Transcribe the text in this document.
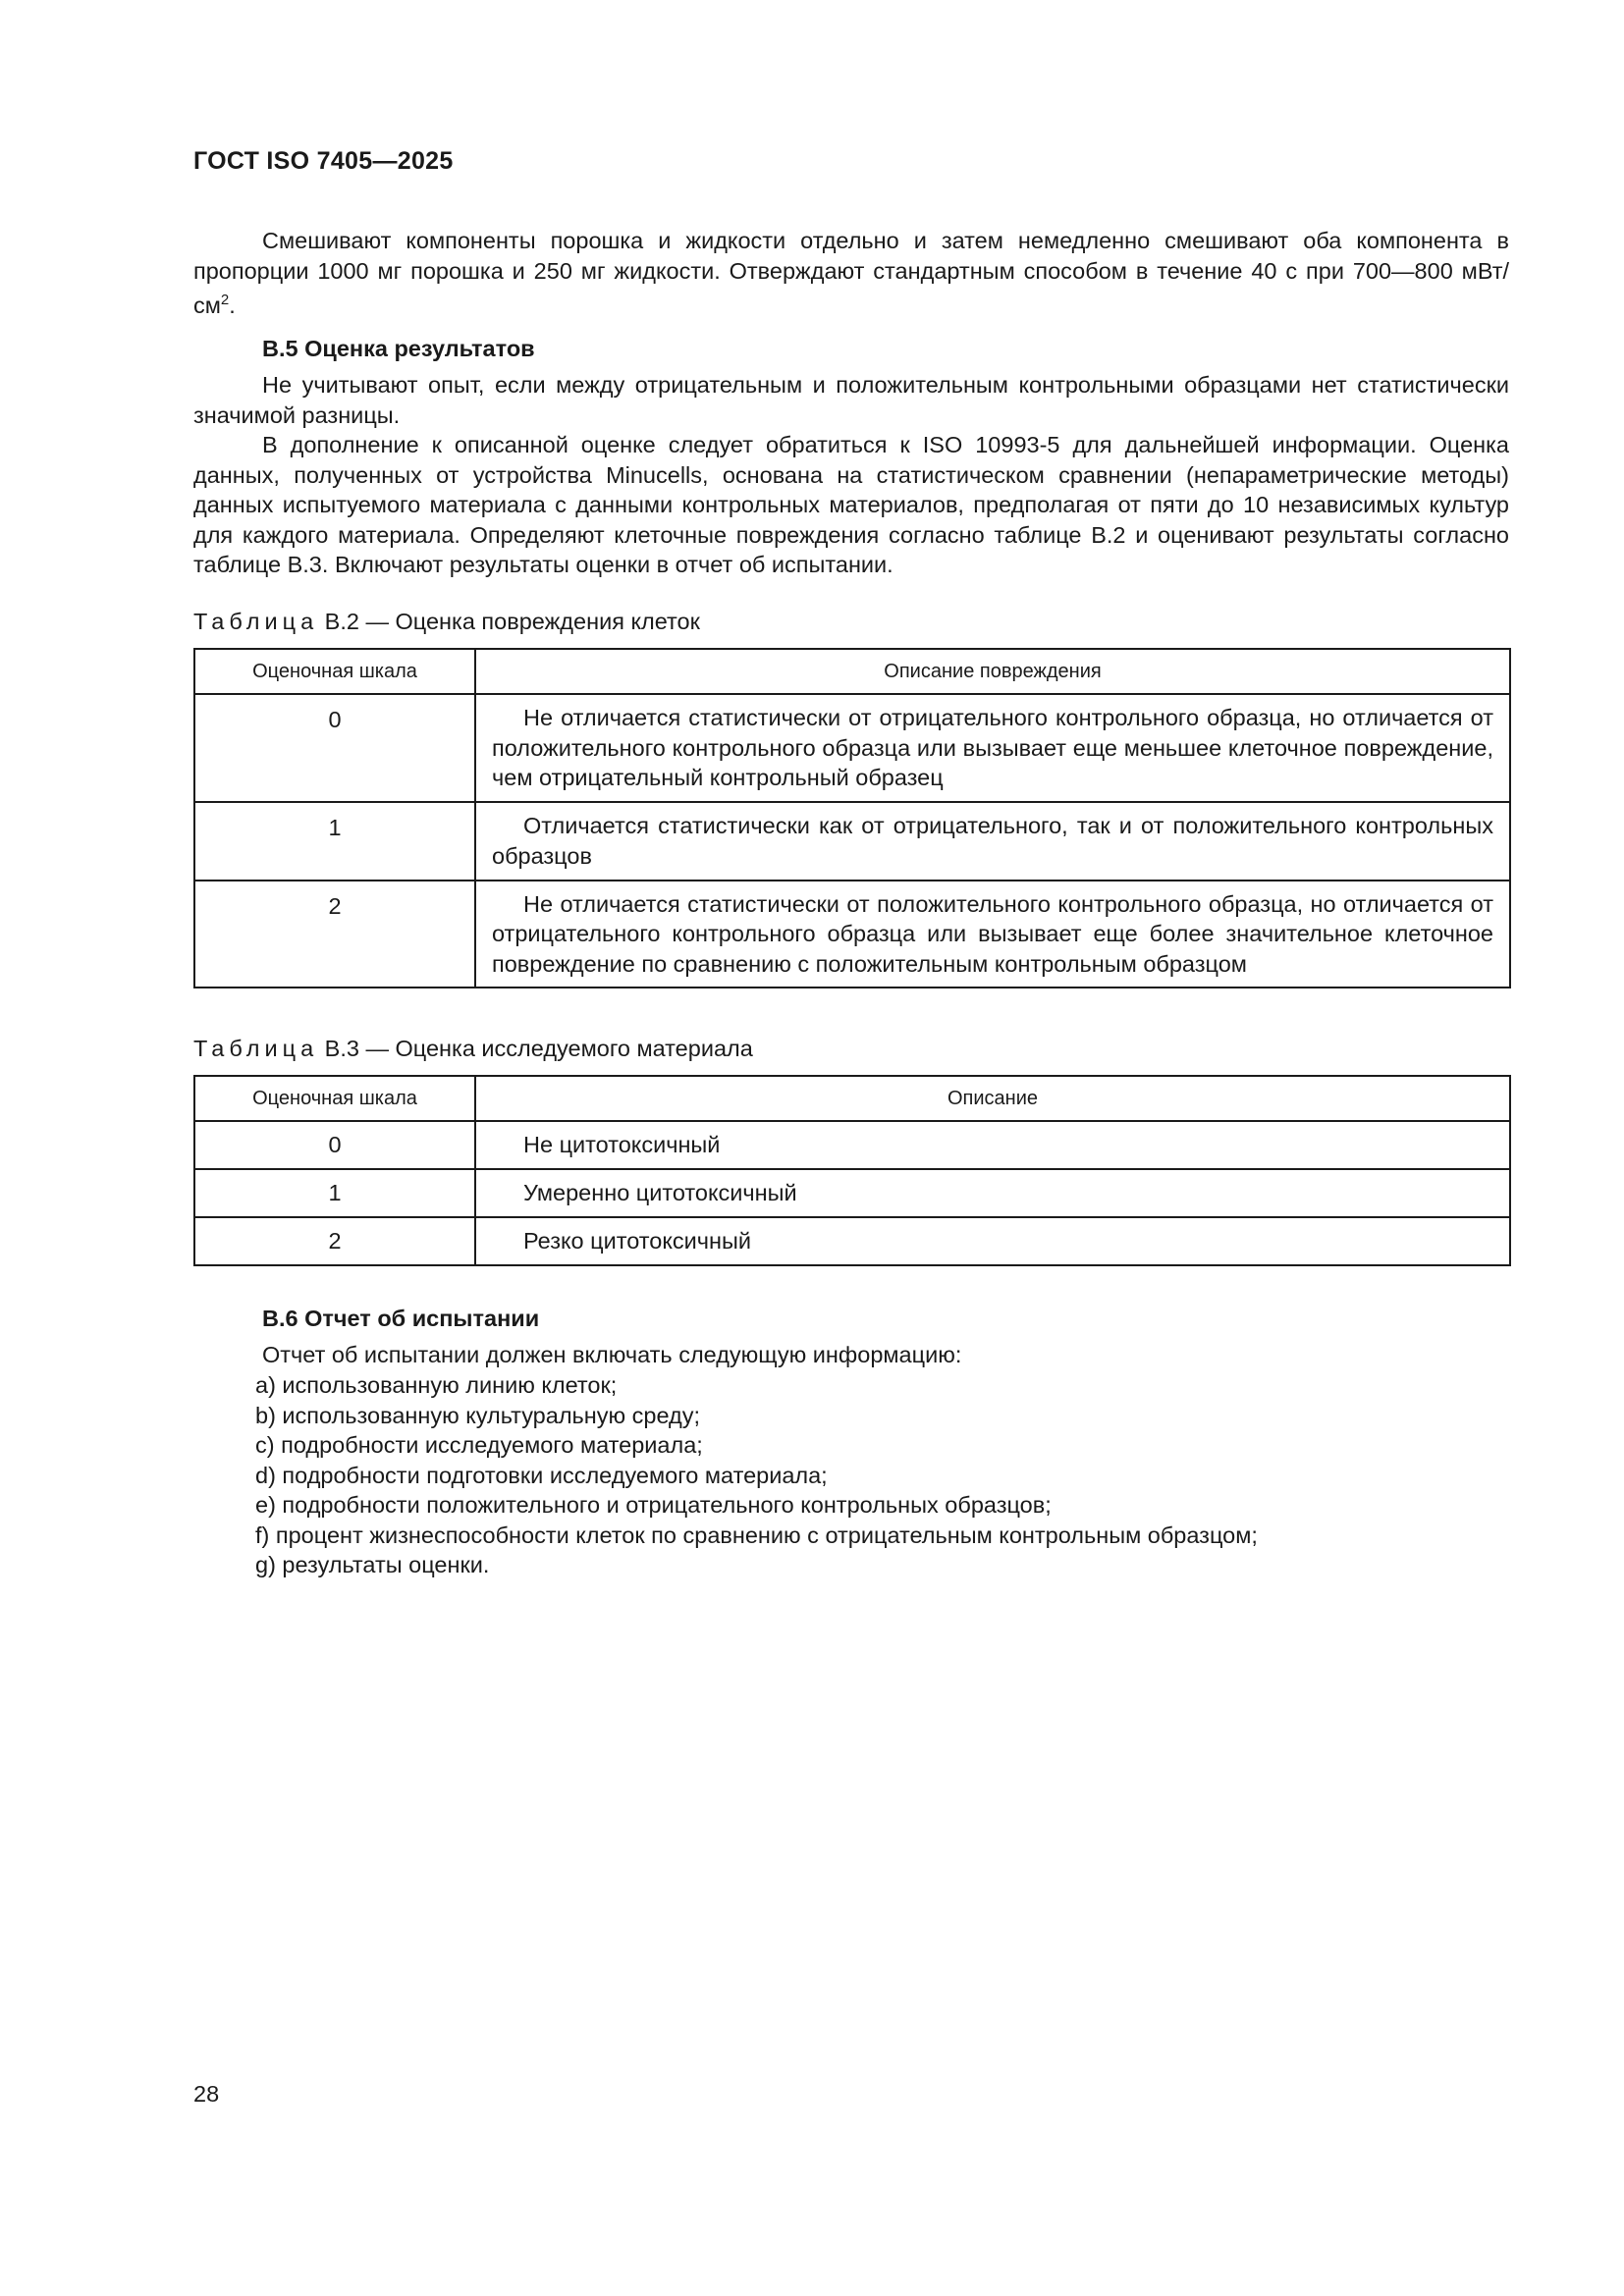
ГОСТ ISO 7405—2025

Смешивают компоненты порошка и жидкости отдельно и затем немедленно смешивают оба компонента в пропорции 1000 мг порошка и 250 мг жидкости. Отверждают стандартным способом в течение 40 с при 700—800 мВт/$см^2$.

B.5 Оценка результатов

Не учитывают опыт, если между отрицательным и положительным контрольными образцами нет статистически значимой разницы.

В дополнение к описанной оценке следует обратиться к ISO 10993-5 для дальнейшей информации. Оценка данных, полученных от устройства Minucells, основана на статистическом сравнении (непараметрические методы) данных испытуемого материала с данными контрольных материалов, предполагая от пяти до 10 независимых культур для каждого материала. Определяют клеточные повреждения согласно таблице B.2 и оценивают результаты согласно таблице B.3. Включают результаты оценки в отчет об испытании.

Таблица B.2 — Оценка повреждения клеток
Оценочная шкала	Описание повреждения
0	Не отличается статистически от отрицательного контрольного образца, но отличается от положительного контрольного образца или вызывает еще меньшее клеточное повреждение, чем отрицательный контрольный образец

1	Отличается статистически как от отрицательного, так и от положительного контрольных образцов

2	Не отличается статистически от положительного контрольного образца, но отличается от отрицательного контрольного образца или вызывает еще более значительное клеточное повреждение по сравнению с положительным контрольным образцом
Таблица B.3 — Оценка исследуемого материала
Оценочная шкала	Описание
0	Не цитотоксичный
1	Умеренно цитотоксичный
2	Резко цитотоксичный
B.6 Отчет об испытании
Отчет об испытании должен включать следующую информацию:
a) использованную линию клеток;
b) использованную культуральную среду;
c) подробности исследуемого материала;
d) подробности подготовки исследуемого материала;
e) подробности положительного и отрицательного контрольных образцов;
f) процент жизнеспособности клеток по сравнению с отрицательным контрольным образцом;
g) результаты оценки.
28
